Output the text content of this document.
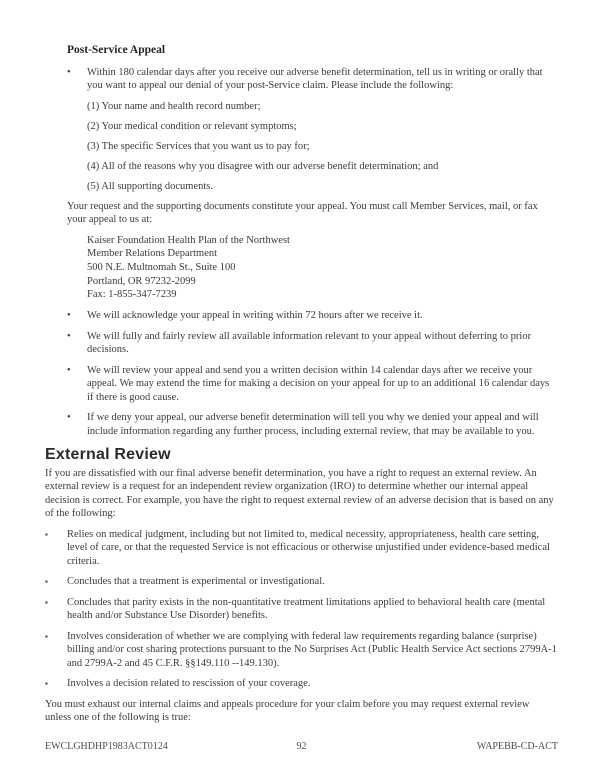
Post-Service Appeal
•	Within 180 calendar days after you receive our adverse benefit determination, tell us in writing or orally that you want to appeal our denial of your post-Service claim. Please include the following:
(1) Your name and health record number;
(2) Your medical condition or relevant symptoms;
(3) The specific Services that you want us to pay for;
(4) All of the reasons why you disagree with our adverse benefit determination; and
(5) All supporting documents.

Your request and the supporting documents constitute your appeal. You must call Member Services, mail, or fax your appeal to us at:

Kaiser Foundation Health Plan of the Northwest
Member Relations Department
500 N.E. Multnomah St., Suite 100
Portland, OR 97232-2099
Fax: 1-855-347-7239
•	We will acknowledge your appeal in writing within 72 hours after we receive it.
•	We will fully and fairly review all available information relevant to your appeal without deferring to prior decisions.
•	We will review your appeal and send you a written decision within 14 calendar days after we receive your appeal. We may extend the time for making a decision on your appeal for up to an additional 16 calendar days if there is good cause.
•	If we deny your appeal, our adverse benefit determination will tell you why we denied your appeal and will include information regarding any further process, including external review, that may be available to you.
External Review

If you are dissatisfied with our final adverse benefit determination, you have a right to request an external review. An external review is a request for an independent review organization (IRO) to determine whether our internal appeal decision is correct. For example, you have the right to request external review of an adverse decision that is based on any of the following:

▪	Relies on medical judgment, including but not limited to, medical necessity, appropriateness, health care setting, level of care, or that the requested Service is not efficacious or otherwise unjustified under evidence-based medical criteria.
▪	Concludes that a treatment is experimental or investigational.
▪	Concludes that parity exists in the non-quantitative treatment limitations applied to behavioral health care (mental health and/or Substance Use Disorder) benefits.
▪	Involves consideration of whether we are complying with federal law requirements regarding balance (surprise) billing and/or cost sharing protections pursuant to the No Surprises Act (Public Health Service Act sections 2799A-1 and 2799A-2 and 45 C.F.R. §§149.110 --149.130).
▪	Involves a decision related to rescission of your coverage.

You must exhaust our internal claims and appeals procedure for your claim before you may request external review unless one of the following is true:

EWCLGHDHP1983ACT0124	92	WAPEBB-CD-ACT
